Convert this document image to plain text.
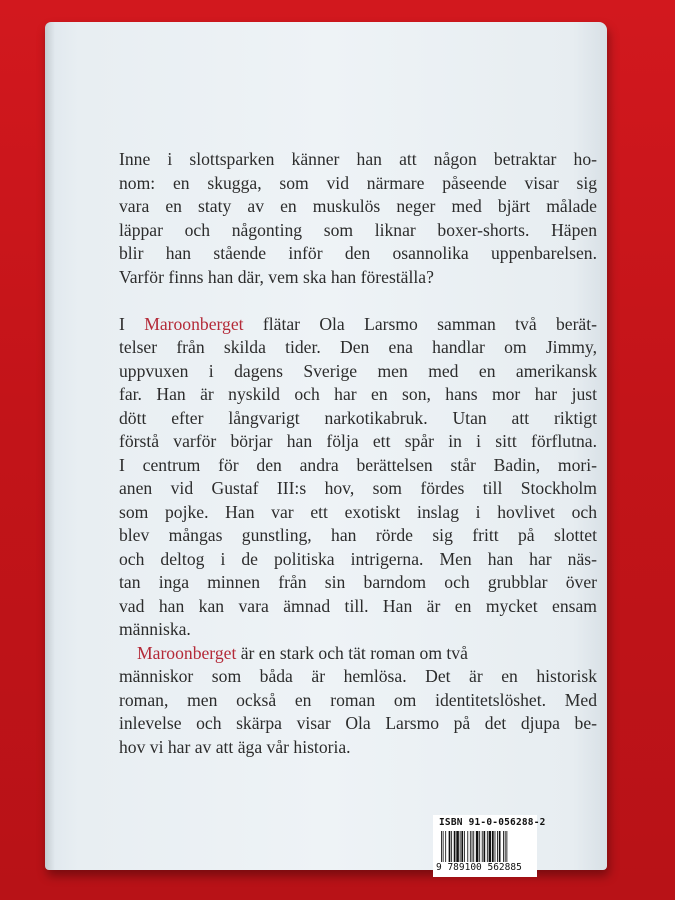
Inne i slottsparken känner han att någon betraktar ho-
nom: en skugga, som vid närmare påseende visar sig
vara en staty av en muskulös neger med bjärt målade
läppar och någonting som liknar boxer-shorts. Häpen
blir han stående inför den osannolika uppenbarelsen.
Varför finns han där, vem ska han föreställa?
I Maroonberget flätar Ola Larsmo samman två berät-
telser från skilda tider. Den ena handlar om Jimmy,
uppvuxen i dagens Sverige men med en amerikansk
far. Han är nyskild och har en son, hans mor har just
dött efter långvarigt narkotikabruk. Utan att riktigt
förstå varför börjar han följa ett spår in i sitt förflutna.
I centrum för den andra berättelsen står Badin, mori-
anen vid Gustaf III:s hov, som fördes till Stockholm
som pojke. Han var ett exotiskt inslag i hovlivet och
blev mångas gunstling, han rörde sig fritt på slottet
och deltog i de politiska intrigerna. Men han har näs-
tan inga minnen från sin barndom och grubblar över
vad han kan vara ämnad till. Han är en mycket ensam
människa.
Maroonberget är en stark och tät roman om två
människor som båda är hemlösa. Det är en historisk
roman, men också en roman om identitetslöshet. Med
inlevelse och skärpa visar Ola Larsmo på det djupa be-
hov vi har av att äga vår historia.
ISBN 91-0-056288-2
9 789100 562885
